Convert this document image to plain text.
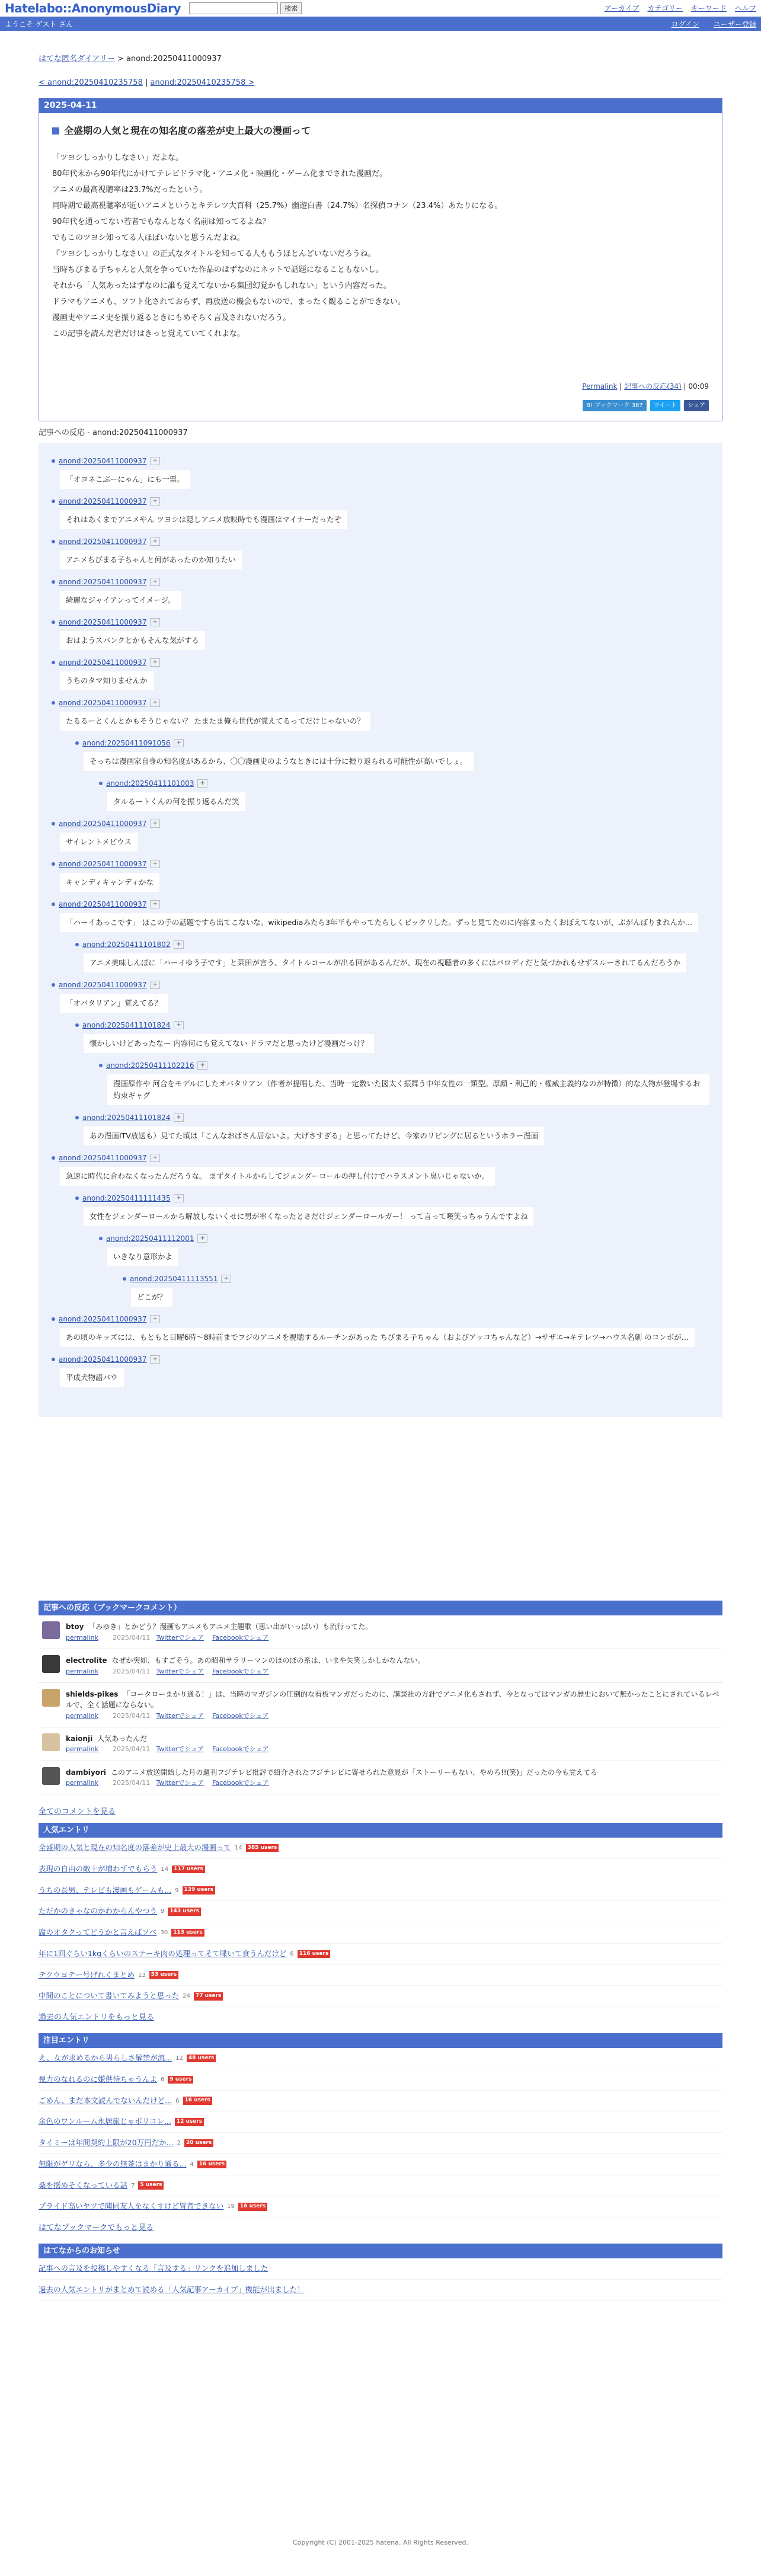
Hatelabo::AnonymousDiary	検索	アーカイブ カテゴリー キーワード ヘルプ
ようこそ ゲスト さん	ログイン ユーザー登録
はてな匿名ダイアリー > anond:20250411000937
< anond:20250410235758 | anond:20250410235758 >
2025-04-11
全盛期の人気と現在の知名度の落差が史上最大の漫画って

「ツヨシしっかりしなさい」だよな。

80年代末から90年代にかけてテレビドラマ化・アニメ化・映画化・ゲーム化までされた漫画だ。

アニメの最高視聴率は23.7%だったという。

同時期で最高視聴率が近いアニメというとキテレツ大百科（25.7%）幽遊白書（24.7%）名探偵コナン（23.4%）あたりになる。

90年代を通ってない若者でもなんとなく名前は知ってるよね？

でもこのツヨシ知ってる人ほぼいないと思うんだよね。

『ツヨシしっかりしなさい』の正式なタイトルを知ってる人ももうほとんどいないだろうね。

当時ちびまる子ちゃんと人気を争っていた作品のはずなのにネットで話題になることもないし。

それから「人気あったはずなのに誰も覚えてないから集団幻覚かもしれない」という内容だった。

ドラマもアニメも、ソフト化されておらず、再放送の機会もないので、まったく観ることができない。

漫画史やアニメ史を振り返るときにもめそらく言及されないだろう。

この記事を読んだ君だけはきっと覚えていてくれよな。

Permalink | 記事への反応(34) | 00:09
B! ブックマーク 387	ツイート	シェア
記事への反応 - anond:20250411000937
anond:20250411000937	+
「オヨネこぶーにゃん」にも一票。
anond:20250411000937	+
それはあくまでアニメやん ツヨシは隠しアニメ放映時でも漫画はマイナーだったぞ
anond:20250411000937	+
アニメちびまる子ちゃんと何があったのか知りたい
anond:20250411000937	+
綺麗なジャイアンってイメージ。
anond:20250411000937	+
おはようスパンクとかもそんな気がする
anond:20250411000937	+
うちのタマ知りませんか
anond:20250411000937	+
たるるーとくんとかもそうじゃない？ たまたま俺ら世代が覚えてるってだけじゃないの？
anond:20250411091056	+
そっちは漫画家自身の知名度があるから、〇〇漫画史のようなときには十分に振り返られる可能性が高いでしょ。
anond:20250411101003	+
タルるートくんの何を振り返るんだ笑
anond:20250411000937	+
サイレントメビウス
anond:20250411000937	+
キャンディキャンディかな
anond:20250411000937	+
「ハーイあっこです」 ほこの手の話題ですら出てこないな。wikipediaみたら3年半もやってたらしくビックリした。ずっと見てたのに内容まったくおぼえてないが、ぶがんばりまれんか…
anond:20250411101802	+
アニメ美味しんぼに「ハーイゆう子です」と菜田が言う、タイトルコールが出る回があるんだが、現在の視聴者の多くにはパロディだと気づかれもせずスルーされてるんだろうか
anond:20250411000937	+
「オバタリアン」覚えてる？
anond:20250411101824	+
懐かしいけどあったなー 内容何にも覚えてない ドラマだと思ったけど漫画だっけ？
anond:20250411102216	+
漫画原作や 河合をモデルにしたオバタリアン（作者が提唱した、当時一定数いた図太く振舞う中年女性の一類型。厚顔・利己的・権威主義的なのが特徴）的な人物が登場するお約束ギャグ
anond:20250411101824	+
あの漫画ITV放送も）見てた頃は「こんなおばさん居ないよ。大げさすぎる」と思ってたけど、今家のリビングに居るというホラー漫画
anond:20250411000937	+
急速に時代に合わなくなったんだろうな。 まずタイトルからしてジェンダーロールの押し付けでハラスメント臭いじゃないか。
anond:20250411111435	+
女性をジェンダーロールから解放しないくせに男が率くなったとさだけジェンダーロールガー！ って言って嘆笑っちゃうんですよね
anond:20250411112001	+
いきなり意形かよ
anond:20250411113551	+
どこが？
anond:20250411000937	+
あの頃のキッズには、もともと日曜6時〜8時前までフジのアニメを視聴するルーチンがあった ちびまる子ちゃん（およびアッコちゃんなど）→サザエ→キテレツ→ハウス名劇 のコンボが…
anond:20250411000937	+
平成犬物語バウ
記事への反応（ブックマークコメント）
btoy 「みゆき」とかどう？漫画もアニメもアニメ主題歌（思い出がいっぱい）も流行ってた。
permalink 2025/04/11 Twitterでシェア Facebookでシェア
electrolite なぜか突如、もすごそう。あの昭和サラリーマンのほのぼの系は、いまや失笑しかしかなんない。
permalink 2025/04/11 Twitterでシェア Facebookでシェア
shields-pikes 「コータローまかり通る！」は、当時のマガジンの圧倒的な看板マンガだったのに、講談社の方針でアニメ化もされず、今となってはマンガの歴史において無かったことにされているレベルで、全く話題にならない。
permalink 2025/04/11 Twitterでシェア Facebookでシェア
kaionji 人気あったんだ
permalink 2025/04/11 Twitterでシェア Facebookでシェア
dambiyori このアニメ放送開始した月の週刊フジテレビ批評で紹介されたフジテレビに寄せられた意見が「ストーリーもない、やめろ!!(笑)」だったの今も覚えてる
permalink 2025/04/11 Twitterでシェア Facebookでシェア
全てのコメントを見る
人気エントリ
全盛期の人気と現在の知名度の落差が史上最大の漫画って 14	385 users
表現の自由の敵十が増わずでもらう 14	117 users
うちの長男、テレビも漫画もゲームも... 9	139 users
ただかのきゃなのかわからんやつう 9	143 users
腐のオタクってどうかと言えばソベ 30	113 users
年に1回ぐらい1kgくらいのステーキ肉の処理ってそて喋いて食うんだけど 6	116 users
テクウヨテー号げれくまとめ 13	53 users
中間のことについて書いてみようと思った 24	77 users
過去の人気エントリをもっと見る
注目エントリ
え、女が求めるから男らしさ解禁が流... 12	48 users
視力のなれるのに嫌供待ちゃうんよ 6	9 users
ごめん、まだ本文読んでないんだけど... 6	16 users
余色のワンルーム永居旅じゃポリコレ...	12 users
タイミーは年間契約上限が20万円だか... 2	20 users
無限がゲリなら、多少の無茶はまかり通る... 4	16 users
桑を揺めそくなっている話 7	5 users
プライド高いヤツで聞同友人をなくすけど冒者できない 19	16 users
はてなブックマークでもっと見る
はてなからのお知らせ
記事への言及を投稿しやすくなる「言及する」リンクを追加しました
過去の人気エントリがまとめて読める「人気記事アーカイブ」機能が出ました！
Copyright (C) 2001-2025 hatena. All Rights Reserved.
